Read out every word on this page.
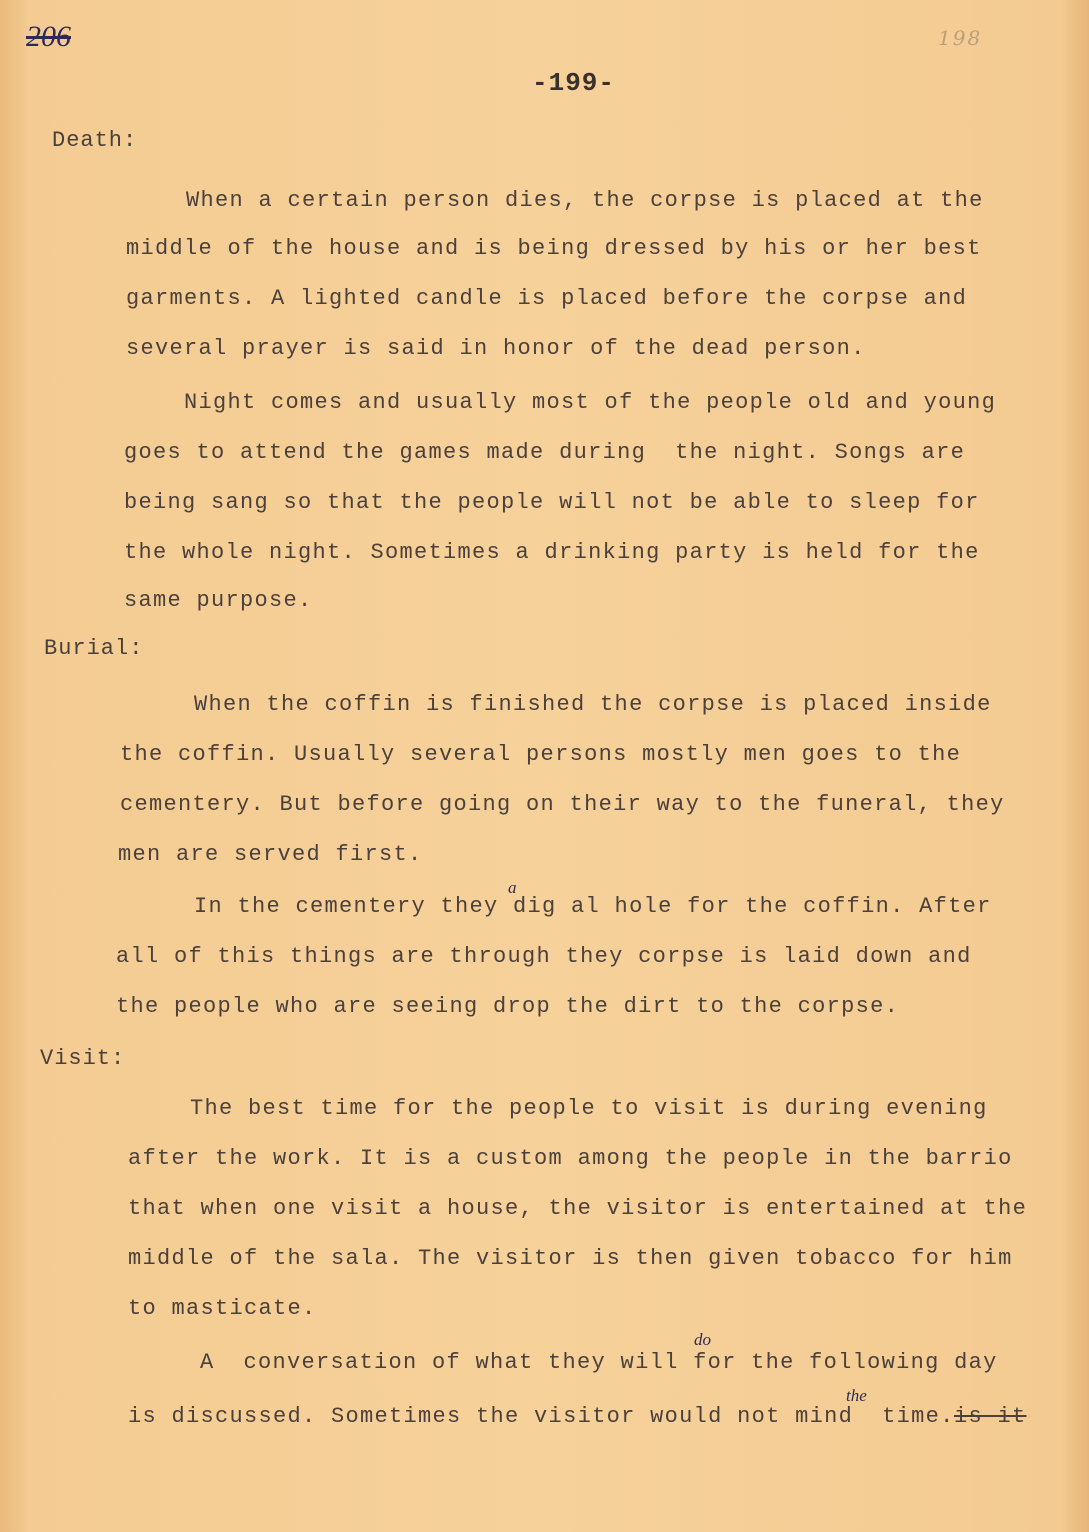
206	198
-199-
Death:
When a certain person dies, the corpse is placed at the
middle of the house and is being dressed by his or her best
garments. A lighted candle is placed before the corpse and
several prayer is said in honor of the dead person.
Night comes and usually most of the people old and young
goes to attend the games made during  the night. Songs are
being sang so that the people will not be able to sleep for
the whole night. Sometimes a drinking party is held for the
same purpose.
Burial:
When the coffin is finished the corpse is placed inside
the coffin. Usually several persons mostly men goes to the
cementery. But before going on their way to the funeral, they
men are served first.
a
In the cementery they dig al hole for the coffin. After
all of this things are through they corpse is laid down and
the people who are seeing drop the dirt to the corpse.
Visit:
The best time for the people to visit is during evening
after the work. It is a custom among the people in the barrio
that when one visit a house, the visitor is entertained at the
middle of the sala. The visitor is then given tobacco for him
to masticate.
do
A  conversation of what they will for the following day
the
is discussed. Sometimes the visitor would not mind  time. is it
